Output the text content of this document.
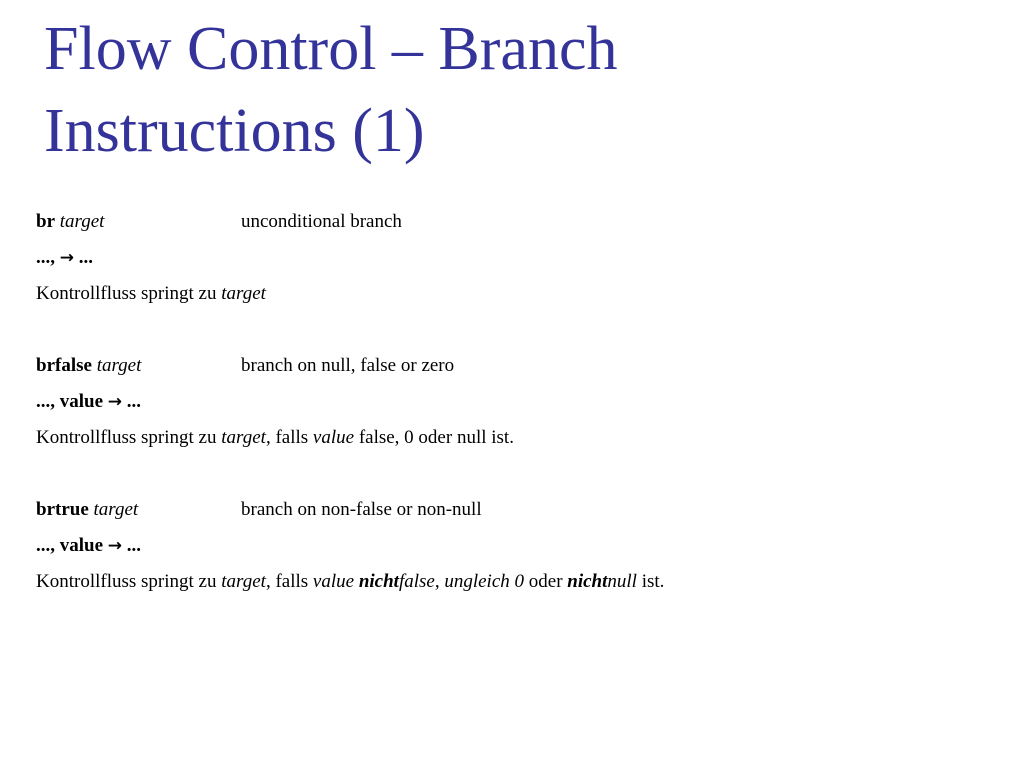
Flow Control – Branch
Instructions (1)
br target	unconditional branch
..., → ...
Kontrollfluss springt zu target
brfalse target	branch on null, false or zero
..., value → ...
Kontrollfluss springt zu target, falls value false, 0 oder null ist.
brtrue target	branch on non-false or non-null
..., value → ...
Kontrollfluss springt zu target, falls value nichtfalse, ungleich 0 oder nichtnull ist.
